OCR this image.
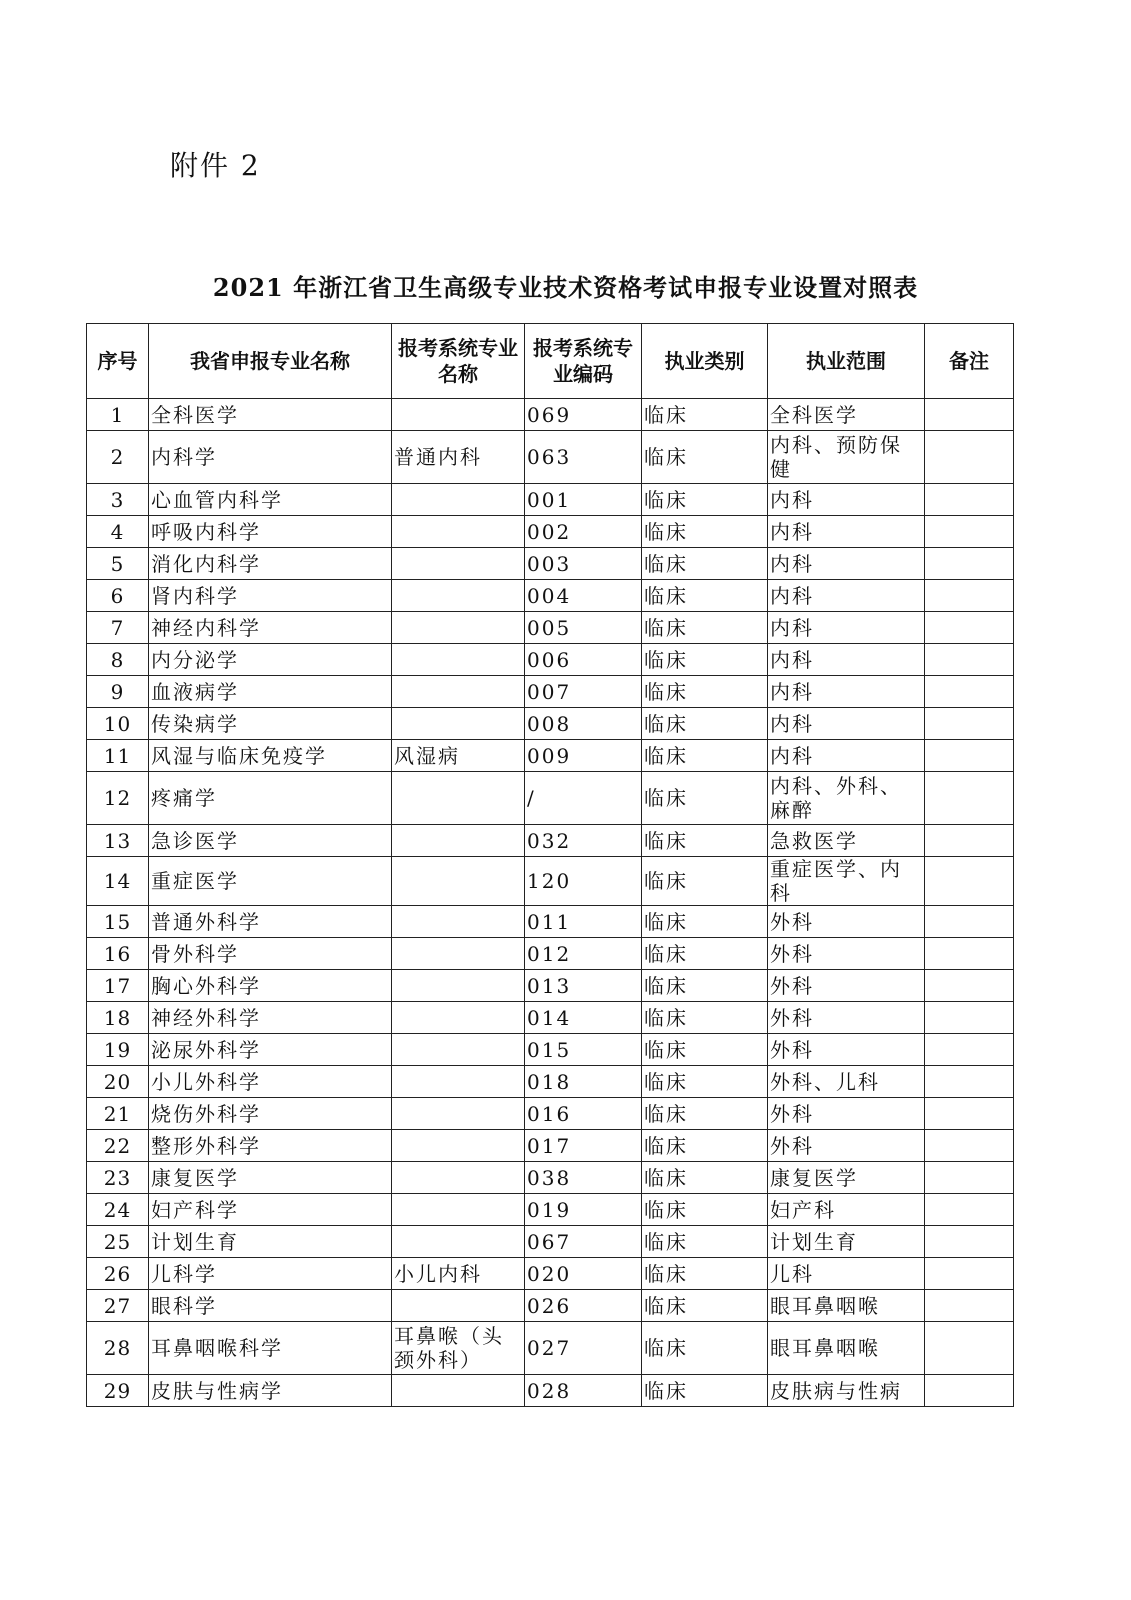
附件 2
2021 年浙江省卫生高级专业技术资格考试申报专业设置对照表
序号	我省申报专业名称	报考系统专业名称	报考系统专业编码	执业类别	执业范围	备注
1	全科医学		069	临床	全科医学	
2	内科学	普通内科	063	临床	内科、预防保健	
3	心血管内科学		001	临床	内科	
4	呼吸内科学		002	临床	内科	
5	消化内科学		003	临床	内科	
6	肾内科学		004	临床	内科	
7	神经内科学		005	临床	内科	
8	内分泌学		006	临床	内科	
9	血液病学		007	临床	内科	
10	传染病学		008	临床	内科	
11	风湿与临床免疫学	风湿病	009	临床	内科	
12	疼痛学		/	临床	内科、外科、麻醉	
13	急诊医学		032	临床	急救医学	
14	重症医学		120	临床	重症医学、内科	
15	普通外科学		011	临床	外科	
16	骨外科学		012	临床	外科	
17	胸心外科学		013	临床	外科	
18	神经外科学		014	临床	外科	
19	泌尿外科学		015	临床	外科	
20	小儿外科学		018	临床	外科、儿科	
21	烧伤外科学		016	临床	外科	
22	整形外科学		017	临床	外科	
23	康复医学		038	临床	康复医学	
24	妇产科学		019	临床	妇产科	
25	计划生育		067	临床	计划生育	
26	儿科学	小儿内科	020	临床	儿科	
27	眼科学		026	临床	眼耳鼻咽喉	
28	耳鼻咽喉科学	耳鼻喉（头颈外科）	027	临床	眼耳鼻咽喉	
29	皮肤与性病学		028	临床	皮肤病与性病	
